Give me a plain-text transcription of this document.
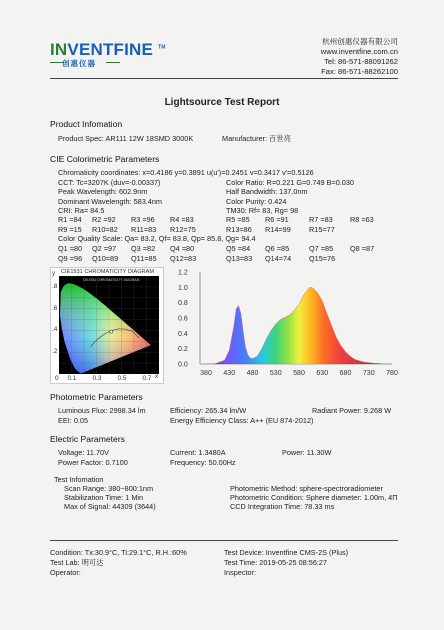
INVENTFINE ™
创惠仪器
杭州创惠仪器有限公司
www.inventfine.com.cn
Tel: 86-571-88091262
Fax: 86-571-88262100
Lightsource Test Report
Product Infomation
Product Spec: AR111 12W 18SMD 3000K	Manufacturer: 百世亮
CIE Colorimetric Parameters
Color Quality Scale: Qa= 83.2, Qf= 83.8, Qp= 85.8, Qg= 94.4
CIE1931 CHROMATICITY DIAGRAM
CIE1931 CHROMATICITY DIAGRAM
y
x
.8
.6
.4
.2
0 0.1	0.3	0.5	0.7
0.0
0.2
0.4
0.6
0.8
1.0
1.2
380 430 480 530 580 630 680 730 780
Photometric Parameters
Luminous Flux: 2998.34 lm	Efficiency: 265.34 lm/W	Radiant Power: 9.268 W
EEI: 0.05	Energy Efficiency Class: A++ (EU 874-2012)
Electric Parameters
Voltage: 11.70V	Current: 1.3480A	Power: 11.30W
Power Factor: 0.7100	Frequency: 50.00Hz
Test Infomation
Scan Range: 380~800:1nm
Stabilization Time: 1 Min
Max of Signal: 44309 (3644)
Photometric Method: sphere-spectroradiometer
Photometric Condition: Sphere diameter: 1.00m, 4Π
CCD Integration Time: 78.33 ms
Condition: Tx:30.9°C, Ti:29.1°C, R.H.:60%
Test Lab: 明可达
Operator:
Test Device: Inventfine CMS-2S (Plus)
Test Time: 2019-05-25 08:56:27
Inspector:
Chromaticity coordinates: x=0.4186 y=0.3891 u(u')=0.2451 v=0.3417 v'=0.5126
CCT: Tc=3207K (duv=-0.00337)
Peak Wavelength: 602.9nm
Dominant Wavelength: 583.4nm
CRI: Ra= 84.5
Color Ratio: R=0.221 G=0.749 B=0.030
Half Bandwidth: 137.0nm
Color Purity: 0.424
TM30: Rf= 83, Rg= 98
R1 =84 R2 =92 R3 =96 R4 =83	R5 =85 R6 =91	R7 =83 R8 =63
R9 =15 R10=82 R11=83 R12=75	R13=86 R14=99 R15=77
Q1 =80 Q2 =97 Q3 =82 Q4 =80	Q5 =84 Q6 =85	Q7 =85 Q8 =87
Q9 =96 Q10=89 Q11=85 Q12=83	Q13=83 Q14=74 Q15=76
